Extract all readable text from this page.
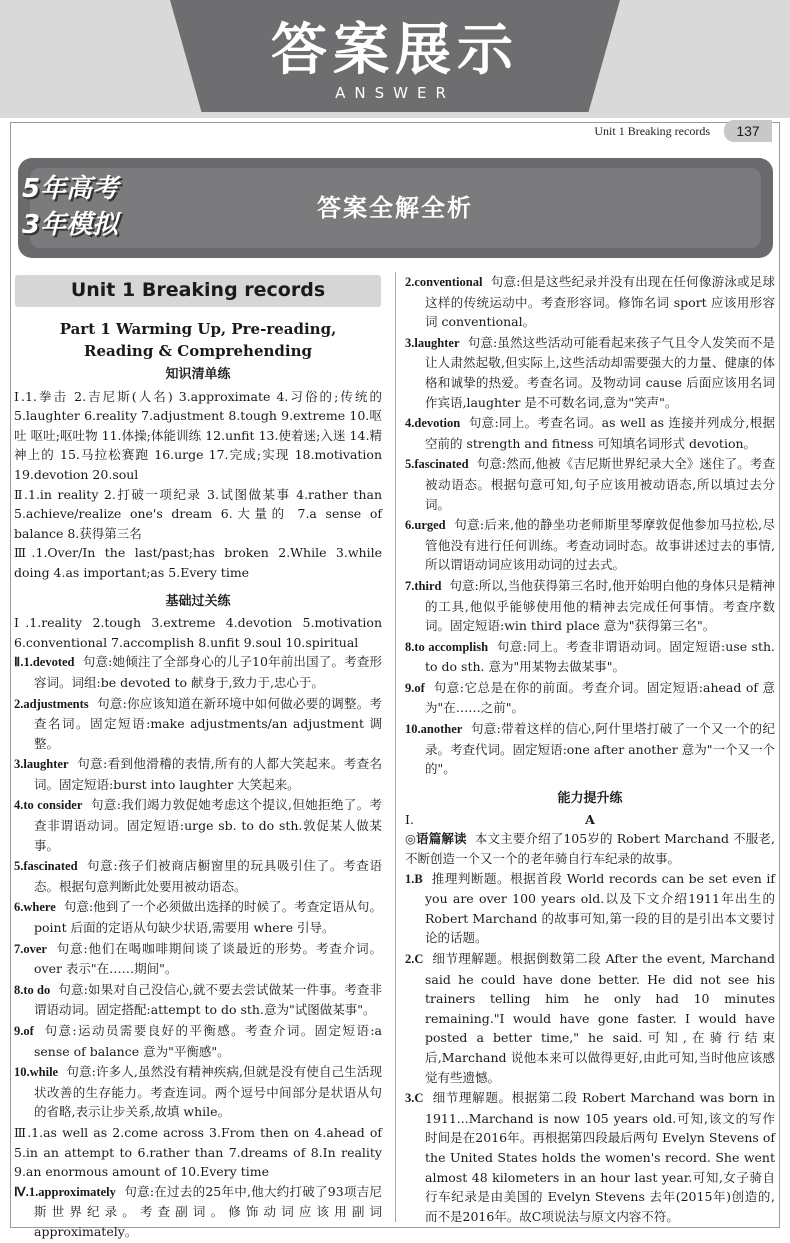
答案展示
ANSWER
Unit 1 Breaking records	137
5年高考
3年模拟
答案全解全析
Unit 1 Breaking records
Part 1 Warming Up, Pre-reading,
Reading & Comprehending
知识清单练

Ⅰ.1.拳击 2.吉尼斯(人名) 3.approximate 4.习俗的;传统的 5.laughter 6.reality 7.adjustment 8.tough 9.extreme 10.呕吐 呕吐;呕吐物 11.体操;体能训练 12.unfit 13.使着迷;入迷 14.精神上的 15.马拉松赛跑 16.urge 17.完成;实现 18.motivation 19.devotion 20.soul

Ⅱ.1.in reality 2.打破一项纪录 3.试图做某事 4.rather than 5.achieve/realize one's dream 6.大量的 7.a sense of balance 8.获得第三名

Ⅲ.1.Over/In the last/past;has broken 2.While 3.while doing 4.as important;as 5.Every time

基础过关练

Ⅰ.1.reality 2.tough 3.extreme 4.devotion 5.motivation 6.conventional 7.accomplish 8.unfit 9.soul 10.spiritual

Ⅱ.1.devoted 句意:她倾注了全部身心的儿子10年前出国了。考查形容词。词组:be devoted to 献身于,致力于,忠心于。

2.adjustments 句意:你应该知道在新环境中如何做必要的调整。考查名词。固定短语:make adjustments/an adjustment 调整。

3.laughter 句意:看到他滑稽的表情,所有的人都大笑起来。考查名词。固定短语:burst into laughter 大笑起来。

4.to consider 句意:我们竭力敦促她考虑这个提议,但她拒绝了。考查非谓语动词。固定短语:urge sb. to do sth.敦促某人做某事。

5.fascinated 句意:孩子们被商店橱窗里的玩具吸引住了。考查语态。根据句意判断此处要用被动语态。

6.where 句意:他到了一个必须做出选择的时候了。考查定语从句。point 后面的定语从句缺少状语,需要用 where 引导。

7.over 句意:他们在喝咖啡期间谈了谈最近的形势。考查介词。over 表示"在……期间"。

8.to do 句意:如果对自己没信心,就不要去尝试做某一件事。考查非谓语动词。固定搭配:attempt to do sth.意为"试图做某事"。

9.of 句意:运动员需要良好的平衡感。考查介词。固定短语:a sense of balance 意为"平衡感"。

10.while 句意:许多人,虽然没有精神疾病,但就是没有使自己生活现状改善的生存能力。考查连词。两个逗号中间部分是状语从句的省略,表示让步关系,故填 while。

Ⅲ.1.as well as 2.come across 3.From then on 4.ahead of 5.in an attempt to 6.rather than 7.dreams of 8.In reality 9.an enormous amount of 10.Every time

Ⅳ.1.approximately 句意:在过去的25年中,他大约打破了93项吉尼斯世界纪录。考查副词。修饰动词应该用副词 approximately。

2.conventional 句意:但是这些纪录并没有出现在任何像游泳或足球这样的传统运动中。考查形容词。修饰名词 sport 应该用形容词 conventional。

3.laughter 句意:虽然这些活动可能看起来孩子气且令人发笑而不是让人肃然起敬,但实际上,这些活动却需要强大的力量、健康的体格和诚挚的热爱。考查名词。及物动词 cause 后面应该用名词作宾语,laughter 是不可数名词,意为"笑声"。

4.devotion 句意:同上。考查名词。as well as 连接并列成分,根据空前的 strength and fitness 可知填名词形式 devotion。

5.fascinated 句意:然而,他被《吉尼斯世界纪录大全》迷住了。考查被动语态。根据句意可知,句子应该用被动语态,所以填过去分词。

6.urged 句意:后来,他的静坐功老师斯里琴摩敦促他参加马拉松,尽管他没有进行任何训练。考查动词时态。故事讲述过去的事情,所以谓语动词应该用动词的过去式。

7.third 句意:所以,当他获得第三名时,他开始明白他的身体只是精神的工具,他似乎能够使用他的精神去完成任何事情。考查序数词。固定短语:win third place 意为"获得第三名"。

8.to accomplish 句意:同上。考查非谓语动词。固定短语:use sth. to do sth. 意为"用某物去做某事"。

9.of 句意:它总是在你的前面。考查介词。固定短语:ahead of 意为"在……之前"。

10.another 句意:带着这样的信心,阿什里塔打破了一个又一个的纪录。考查代词。固定短语:one after another 意为"一个又一个的"。

能力提升练
Ⅰ.	A

◎语篇解读 本文主要介绍了105岁的 Robert Marchand 不服老,不断创造一个又一个的老年骑自行车纪录的故事。

1.B 推理判断题。根据首段 World records can be set even if you are over 100 years old.以及下文介绍1911年出生的 Robert Marchand 的故事可知,第一段的目的是引出本文要讨论的话题。

2.C 细节理解题。根据倒数第二段 After the event, Marchand said he could have done better. He did not see his trainers telling him he only had 10 minutes remaining."I would have gone faster. I would have posted a better time," he said.可知,在骑行结束后,Marchand 说他本来可以做得更好,由此可知,当时他应该感觉有些遗憾。

3.C 细节理解题。根据第二段 Robert Marchand was born in 1911...Marchand is now 105 years old.可知,该文的写作时间是在2016年。再根据第四段最后两句 Evelyn Stevens of the United States holds the women's record. She went almost 48 kilometers in an hour last year.可知,女子骑自行车纪录是由美国的 Evelyn Stevens 去年(2015年)创造的,而不是2016年。故C项说法与原文内容不符。
